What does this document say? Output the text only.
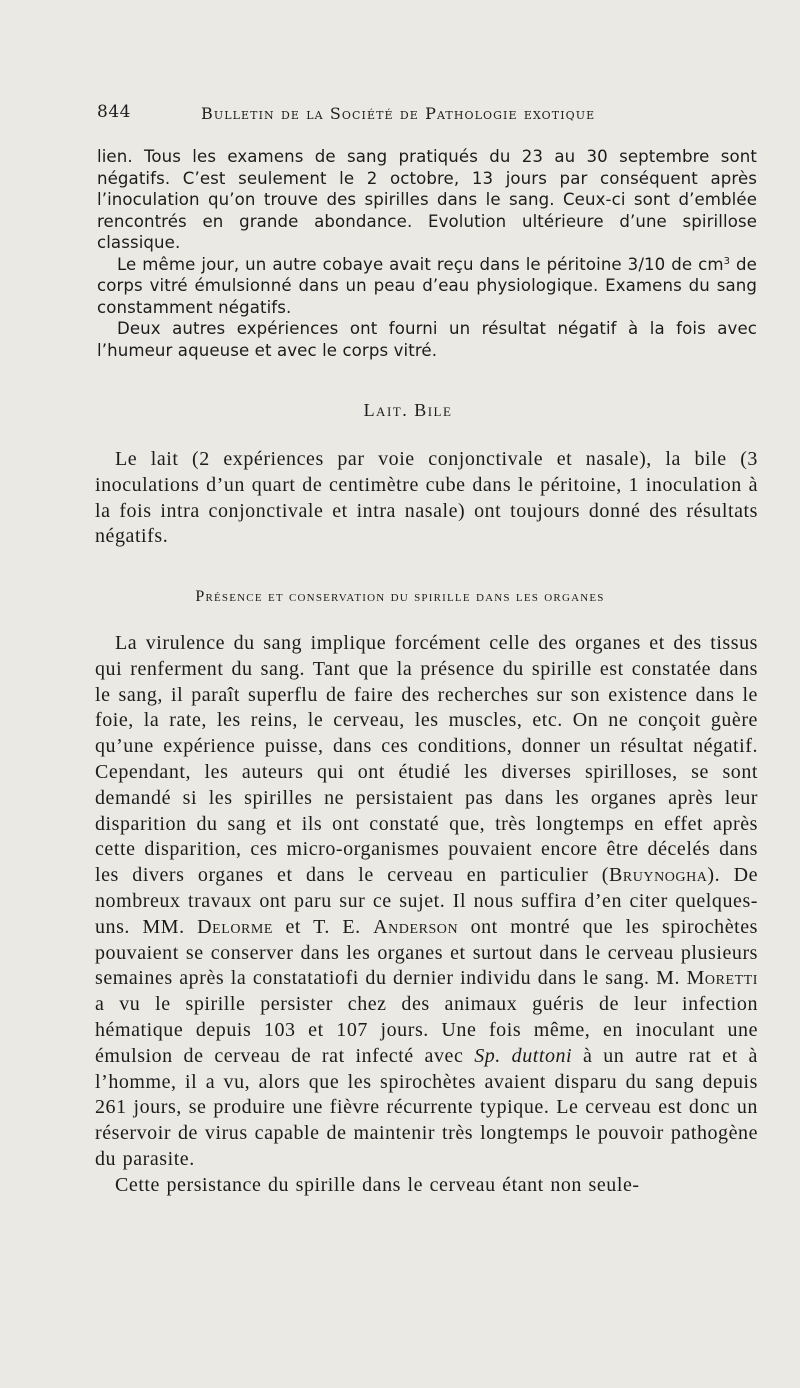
844	Bulletin de la Société de Pathologie exotique

lien. Tous les examens de sang pratiqués du 23 au 30 septembre sont négatifs. C’est seulement le 2 octobre, 13 jours par conséquent après l’inoculation qu’on trouve des spirilles dans le sang. Ceux-ci sont d’emblée rencontrés en grande abondance. Evolution ultérieure d’une spirillose classique.

Le même jour, un autre cobaye avait reçu dans le péritoine 3/10 de $cm^3$ de corps vitré émulsionné dans un peau d’eau physiologique. Examens du sang constamment négatifs.

Deux autres expériences ont fourni un résultat négatif à la fois avec l’humeur aqueuse et avec le corps vitré.

Lait. Bile

Le lait (2 expériences par voie conjonctivale et nasale), la bile (3 inoculations d’un quart de centimètre cube dans le péritoine, 1 inoculation à la fois intra conjonctivale et intra nasale) ont toujours donné des résultats négatifs.

Présence et conservation du spirille dans les organes

La virulence du sang implique forcément celle des organes et des tissus qui renferment du sang. Tant que la présence du spirille est constatée dans le sang, il paraît superflu de faire des recherches sur son existence dans le foie, la rate, les reins, le cerveau, les muscles, etc. On ne conçoit guère qu’une expérience puisse, dans ces conditions, donner un résultat négatif. Cependant, les auteurs qui ont étudié les diverses spirilloses, se sont demandé si les spirilles ne persistaient pas dans les organes après leur disparition du sang et ils ont constaté que, très longtemps en effet après cette disparition, ces micro-organismes pouvaient encore être décelés dans les divers organes et dans le cerveau en particulier (Bruynogha). De nombreux travaux ont paru sur ce sujet. Il nous suffira d’en citer quelques-uns. MM. Delorme et T. E. Anderson ont montré que les spirochètes pouvaient se conserver dans les organes et surtout dans le cerveau plusieurs semaines après la constatatiofi du dernier individu dans le sang. M. Moretti a vu le spirille persister chez des animaux guéris de leur infection hématique depuis 103 et 107 jours. Une fois même, en inoculant une émulsion de cerveau de rat infecté avec Sp. duttoni à un autre rat et à l’homme, il a vu, alors que les spirochètes avaient disparu du sang depuis 261 jours, se produire une fièvre récurrente typique. Le cerveau est donc un réservoir de virus capable de maintenir très longtemps le pouvoir pathogène du parasite.

Cette persistance du spirille dans le cerveau étant non seule-
